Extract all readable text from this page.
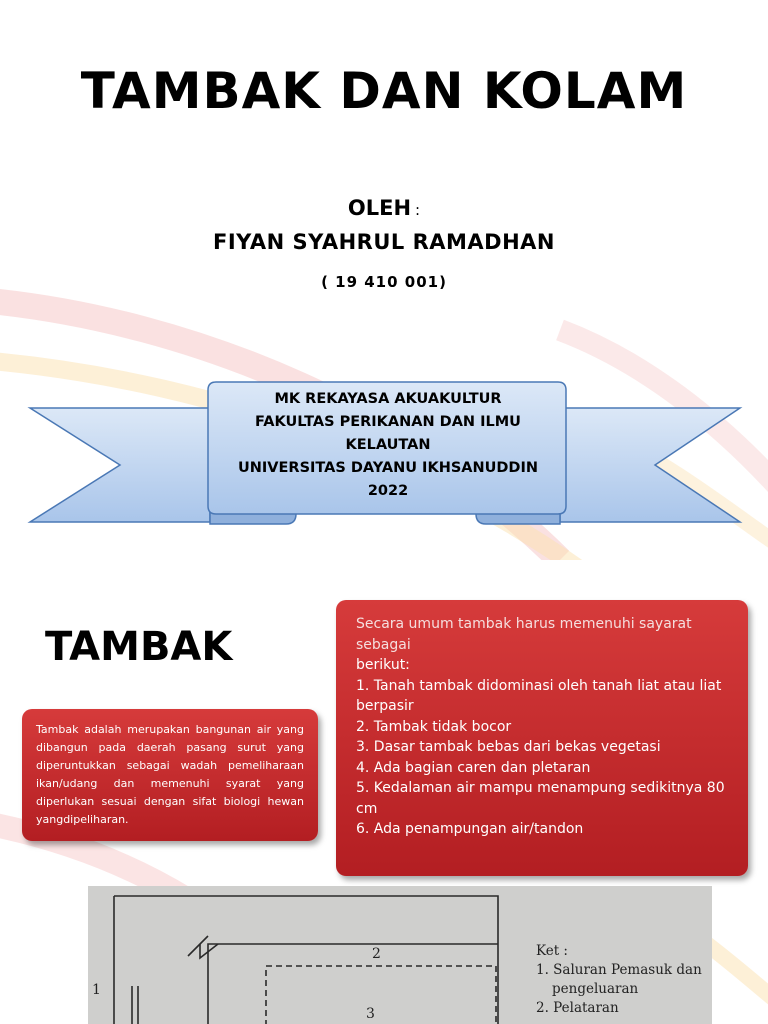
TAMBAK DAN KOLAM
OLEH :
FIYAN SYAHRUL RAMADHAN
( 19 410 001)
MK REKAYASA AKUAKULTUR
FAKULTAS PERIKANAN DAN ILMU
KELAUTAN
UNIVERSITAS DAYANU IKHSANUDDIN
2022
TAMBAK
Tambak adalah merupakan bangunan air yang dibangun pada daerah pasang surut yang diperuntukkan sebagai wadah pemeliharaan ikan/udang dan memenuhi syarat yang diperlukan sesuai dengan sifat biologi hewan yangdipeliharan.
Secara umum tambak harus memenuhi sayarat
sebagai
berikut:
1. Tanah tambak didominasi oleh tanah liat atau liat
berpasir
2. Tambak tidak bocor
3. Dasar tambak bebas dari bekas vegetasi
4. Ada bagian caren dan pletaran
5. Kedalaman air mampu menampung sedikitnya 80
cm
6. Ada penampungan air/tandon
1
2
3
Ket :
1. Saluran Pemasuk dan
pengeluaran
2. Pelataran
